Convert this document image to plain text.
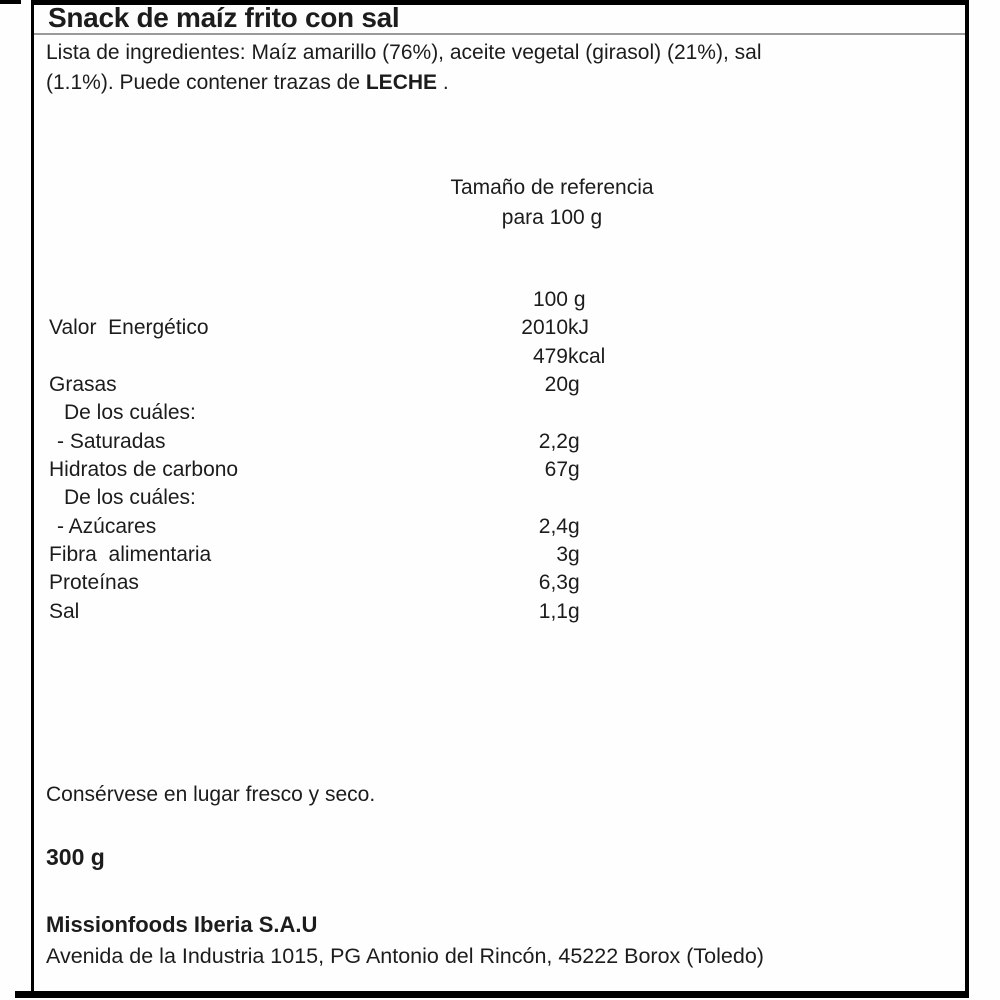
Snack de maíz frito con sal

Lista de ingredientes: Maíz amarillo (76%), aceite vegetal (girasol) (21%), sal
(1.1%). Puede contener trazas de LECHE .

Tamaño de referencia
para 100 g
100 g
Valor  Energético	2010 kJ
479 kcal
Grasas	20 g
De los cuáles:
- Saturadas	2,2 g
Hidratos de carbono	67 g
De los cuáles:
- Azúcares	2,4 g
Fibra  alimentaria	3 g
Proteínas	6,3 g
Sal	1,1 g

Consérvese en lugar fresco y seco.

300 g

Missionfoods Iberia S.A.U

Avenida de la Industria 1015, PG Antonio del Rincón, 45222 Borox (Toledo)
